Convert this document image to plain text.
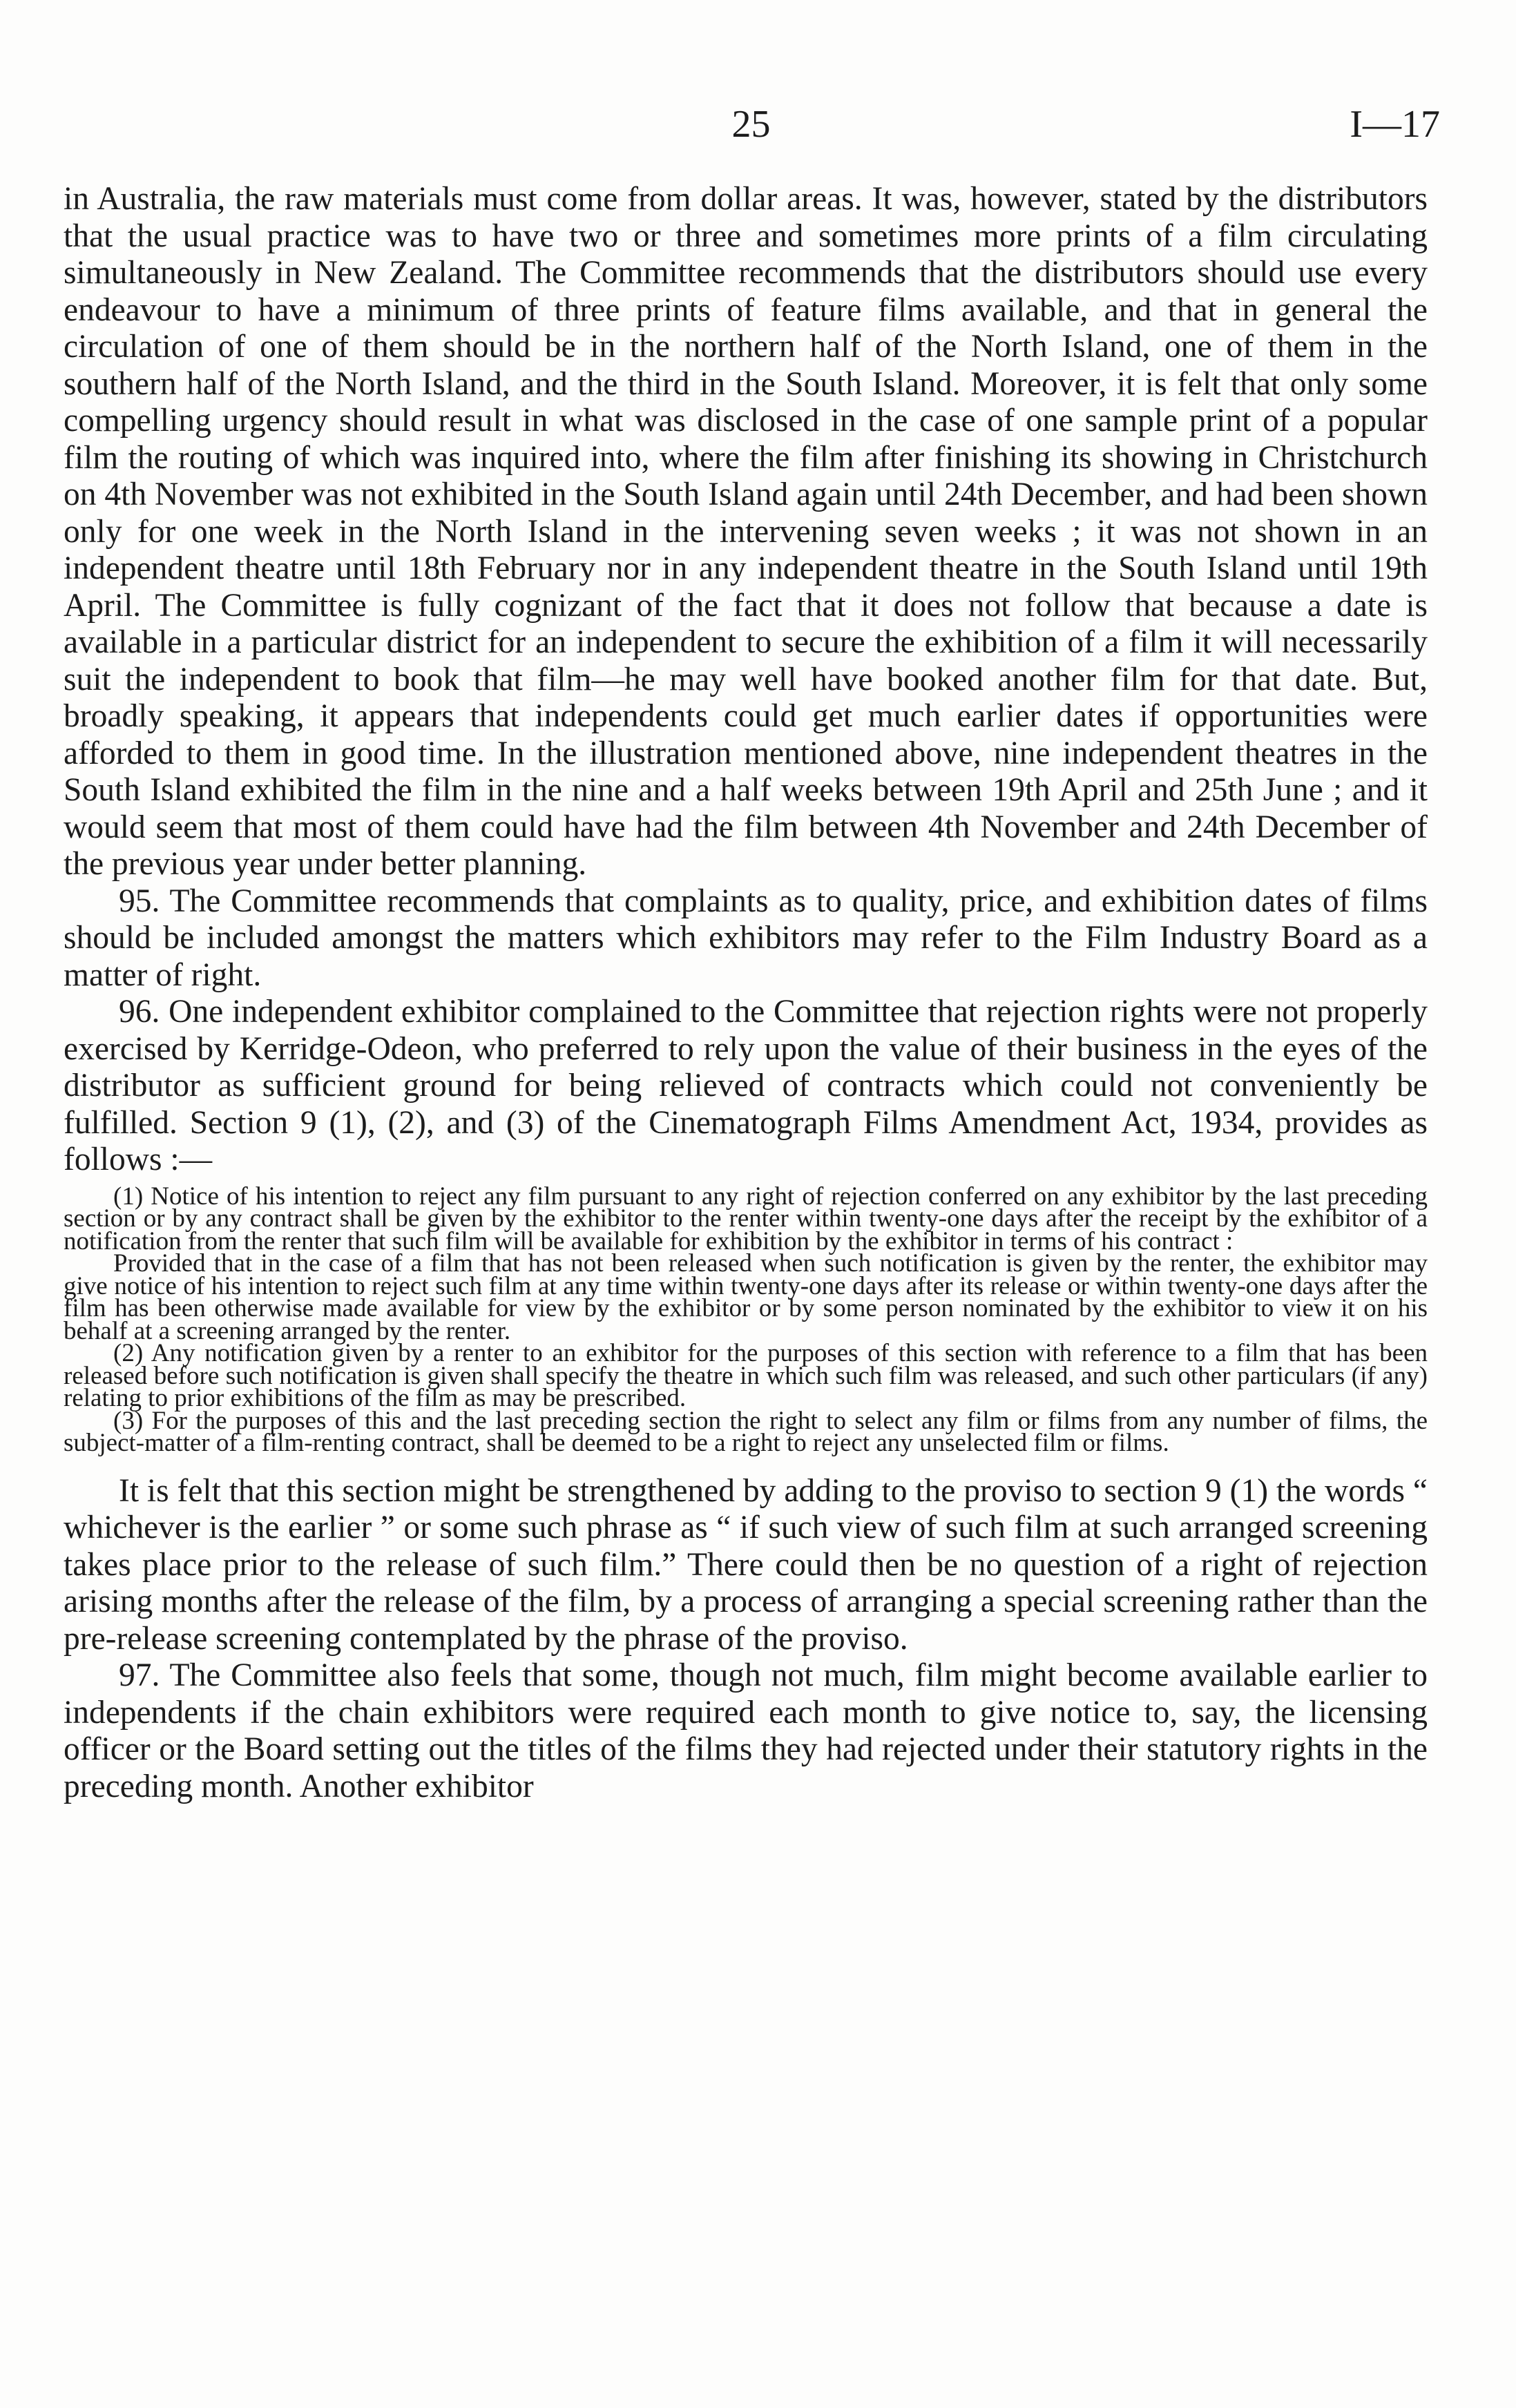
25	I—17

in Australia, the raw materials must come from dollar areas. It was, however, stated by the distributors that the usual practice was to have two or three and sometimes more prints of a film circulating simultaneously in New Zealand. The Committee recommends that the distributors should use every endeavour to have a minimum of three prints of feature films available, and that in general the circulation of one of them should be in the northern half of the North Island, one of them in the southern half of the North Island, and the third in the South Island. Moreover, it is felt that only some compelling urgency should result in what was disclosed in the case of one sample print of a popular film the routing of which was inquired into, where the film after finishing its showing in Christchurch on 4th November was not exhibited in the South Island again until 24th December, and had been shown only for one week in the North Island in the intervening seven weeks ; it was not shown in an independent theatre until 18th February nor in any independent theatre in the South Island until 19th April. The Committee is fully cognizant of the fact that it does not follow that because a date is available in a particular district for an independent to secure the exhibition of a film it will necessarily suit the independent to book that film—he may well have booked another film for that date. But, broadly speaking, it appears that independents could get much earlier dates if opportunities were afforded to them in good time. In the illustration mentioned above, nine independent theatres in the South Island exhibited the film in the nine and a half weeks between 19th April and 25th June ; and it would seem that most of them could have had the film between 4th November and 24th December of the previous year under better planning.

95. The Committee recommends that complaints as to quality, price, and exhibition dates of films should be included amongst the matters which exhibitors may refer to the Film Industry Board as a matter of right.

96. One independent exhibitor complained to the Committee that rejection rights were not properly exercised by Kerridge-Odeon, who preferred to rely upon the value of their business in the eyes of the distributor as sufficient ground for being relieved of contracts which could not conveniently be fulfilled. Section 9 (1), (2), and (3) of the Cinematograph Films Amendment Act, 1934, provides as follows :—

(1) Notice of his intention to reject any film pursuant to any right of rejection conferred on any exhibitor by the last preceding section or by any contract shall be given by the exhibitor to the renter within twenty-one days after the receipt by the exhibitor of a notification from the renter that such film will be available for exhibition by the exhibitor in terms of his contract :

Provided that in the case of a film that has not been released when such notification is given by the renter, the exhibitor may give notice of his intention to reject such film at any time within twenty-one days after its release or within twenty-one days after the film has been otherwise made available for view by the exhibitor or by some person nominated by the exhibitor to view it on his behalf at a screening arranged by the renter.

(2) Any notification given by a renter to an exhibitor for the purposes of this section with reference to a film that has been released before such notification is given shall specify the theatre in which such film was released, and such other particulars (if any) relating to prior exhibitions of the film as may be prescribed.

(3) For the purposes of this and the last preceding section the right to select any film or films from any number of films, the subject-matter of a film-renting contract, shall be deemed to be a right to reject any unselected film or films.

It is felt that this section might be strengthened by adding to the proviso to section 9 (1) the words “ whichever is the earlier ” or some such phrase as “ if such view of such film at such arranged screening takes place prior to the release of such film.” There could then be no question of a right of rejection arising months after the release of the film, by a process of arranging a special screening rather than the pre-release screening contemplated by the phrase of the proviso.

97. The Committee also feels that some, though not much, film might become available earlier to independents if the chain exhibitors were required each month to give notice to, say, the licensing officer or the Board setting out the titles of the films they had rejected under their statutory rights in the preceding month. Another exhibitor
